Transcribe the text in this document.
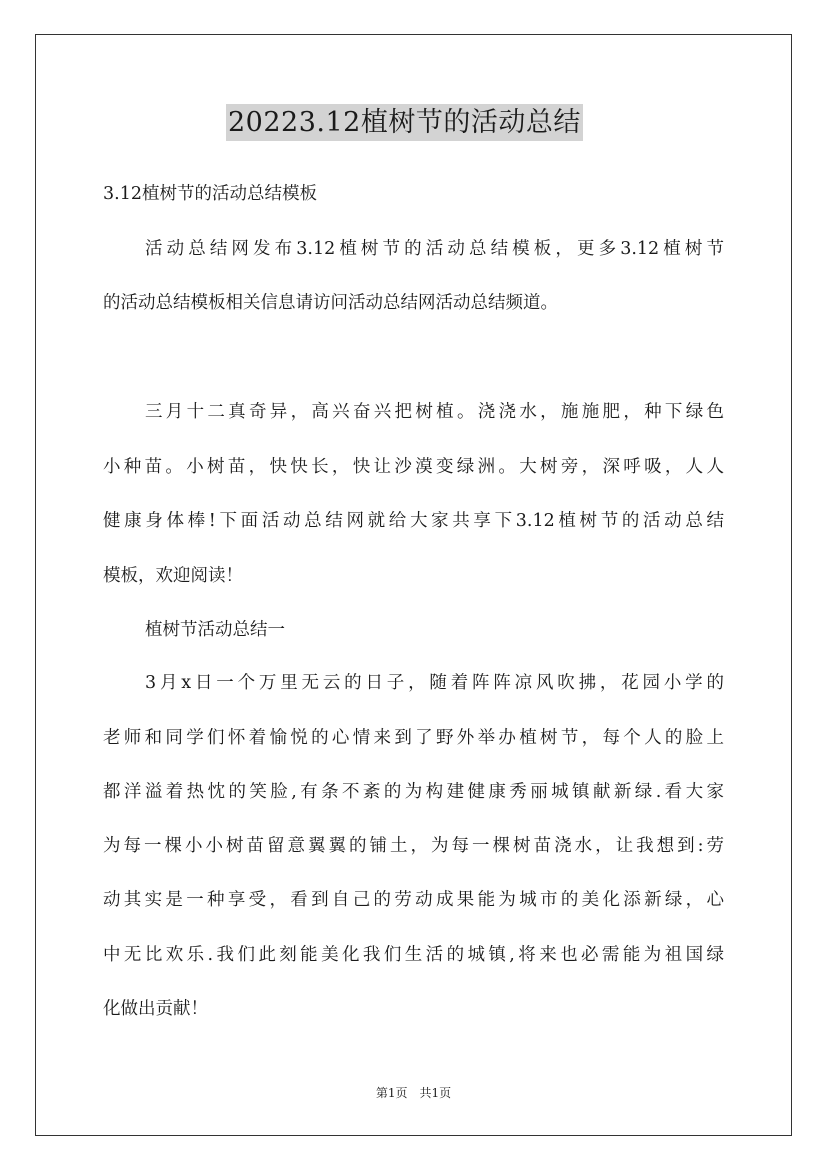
20223.12植树节的活动总结
3.12植树节的活动总结模板
活动总结网发布3.12植树节的活动总结模板，更多3.12植树节
的活动总结模板相关信息请访问活动总结网活动总结频道。
三月十二真奇异，高兴奋兴把树植。浇浇水，施施肥，种下绿色
小种苗。小树苗，快快长，快让沙漠变绿洲。大树旁，深呼吸，人人
健康身体棒!下面活动总结网就给大家共享下3.12植树节的活动总结
模板，欢迎阅读！
植树节活动总结一
3月x日一个万里无云的日子，随着阵阵凉风吹拂，花园小学的
老师和同学们怀着愉悦的心情来到了野外举办植树节，每个人的脸上
都洋溢着热忱的笑脸,有条不紊的为构建健康秀丽城镇献新绿.看大家
为每一棵小小树苗留意翼翼的铺土，为每一棵树苗浇水，让我想到:劳
动其实是一种享受，看到自己的劳动成果能为城市的美化添新绿，心
中无比欢乐.我们此刻能美化我们生活的城镇,将来也必需能为祖国绿
化做出贡献！
第1页　共1页
